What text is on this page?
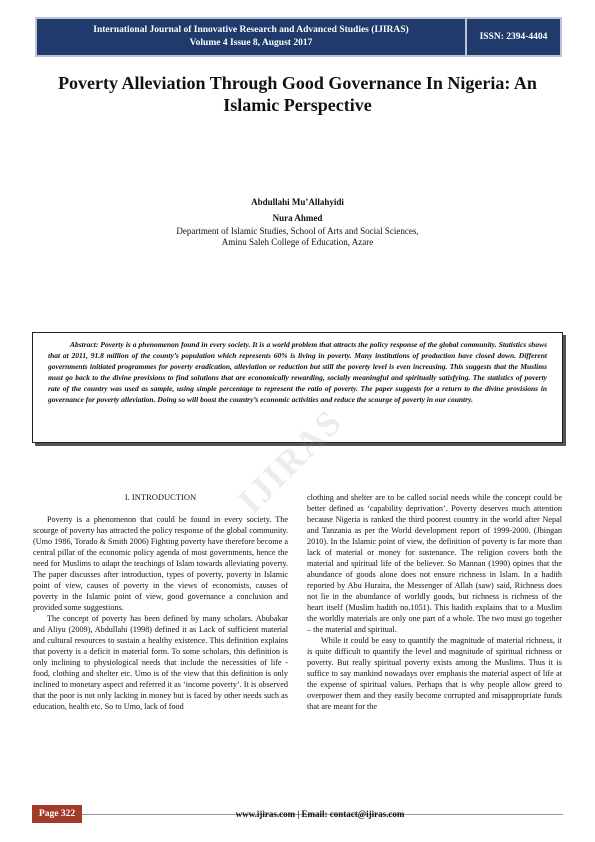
International Journal of Innovative Research and Advanced Studies (IJIRAS)
Volume 4 Issue 8, August 2017
ISSN: 2394-4404
Poverty Alleviation Through Good Governance In Nigeria: An Islamic Perspective
Abdullahi Mu’Allahyidi
Nura Ahmed
Department of Islamic Studies, School of Arts and Social Sciences,
Aminu Saleh College of Education, Azare

Abstract: Poverty is a phenomenon found in every society. It is a world problem that attracts the policy response of the global community. Statistics shows that at 2011, 91.8 million of the county’s population which represents 60% is living in poverty. Many institutions of production have closed down. Different governments initiated programmes for poverty eradication, alleviation or reduction but still the poverty level is even increasing. This suggests that the Muslims must go back to the divine provisions to find solutions that are economically rewarding, socially meaningful and spiritually satisfying. The statistics of poverty rate of the country was used as sample, using simple percentage to represent the ratio of poverty. The paper suggests for a return to the divine provisions in governance for poverty alleviation. Doing so will boost the country’s economic activities and reduce the scourge of poverty in our country.

IJIRAS
I. INTRODUCTION

Poverty is a phenomenon that could be found in every society. The scourge of poverty has attracted the policy response of the global community. (Umo 1986, Torado & Smith 2006) Fighting poverty have therefore become a central pillar of the economic policy agenda of most governments, hence the need for Muslims to adapt the teachings of Islam towards alleviating poverty. The paper discusses after introduction, types of poverty, poverty in Islamic point of view, causes of poverty in the views of economists, causes of poverty in the Islamic point of view, good governance a conclusion and provided some suggestions.

The concept of poverty has been defined by many scholars. Abubakar and Aliyu (2009), Abdullahi (1998) defined it as Lack of sufficient material and cultural resources to sustain a healthy existence. This definition explains that poverty is a deficit in material form. To some scholars, this definition is only inclining to physiological needs that include the necessities of life - food, clothing and shelter etc. Umo is of the view that this definition is only inclined to monetary aspect and referred it as ‘income poverty’. It is observed that the poor is not only lacking in money but is faced by other needs such as education, health etc. So to Umo, lack of food

clothing and shelter are to be called social needs while the concept could be better defined as ‘capability deprivation’. Poverty deserves much attention because Nigeria is ranked the third poorest country in the world after Nepal and Tanzania as per the World development report of 1999-2000. (Jhingan 2010). In the Islamic point of view, the definition of poverty is far more than lack of material or money for sustenance. The religion covers both the material and spiritual life of the believer. So Mannan (1990) opines that the abundance of goods alone does not ensure richness in Islam. In a hadith reported by Abu Huraira, the Messenger of Allah (saw) said, Richness does not lie in the abundance of worldly goods, but richness is richness of the heart itself (Muslim hadith no.1051). This hadith explains that to a Muslim the worldly materials are only one part of a whole. The two must go together – the material and spiritual.

While it could be easy to quantify the magnitude of material richness, it is quite difficult to quantify the level and magnitude of spiritual richness or poverty. But really spiritual poverty exists among the Muslims. Thus it is suffice to say mankind nowadays over emphasis the material aspect of life at the expense of spiritual values. Perhaps that is why people allow greed to overpower them and they easily become corrupted and misappropriate funds that are meant for the

Page 322	www.ijiras.com | Email: contact@ijiras.com
